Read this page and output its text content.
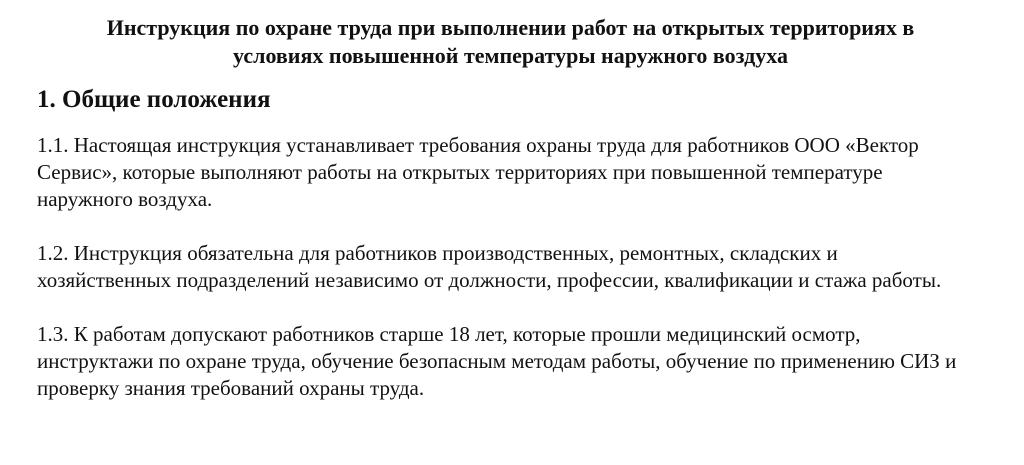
Инструкция по охране труда при выполнении работ на открытых территориях в условиях повышенной температуры наружного воздуха
1. Общие положения

1.1. Настоящая инструкция устанавливает требования охраны труда для работников ООО «Вектор Сервис», которые выполняют работы на открытых территориях при повышенной температуре наружного воздуха.

1.2. Инструкция обязательна для работников производственных, ремонтных, складских и хозяйственных подразделений независимо от должности, профессии, квалификации и стажа работы.

1.3. К работам допускают работников старше 18 лет, которые прошли медицинский осмотр, инструктажи по охране труда, обучение безопасным методам работы, обучение по применению СИЗ и проверку знания требований охраны труда.
